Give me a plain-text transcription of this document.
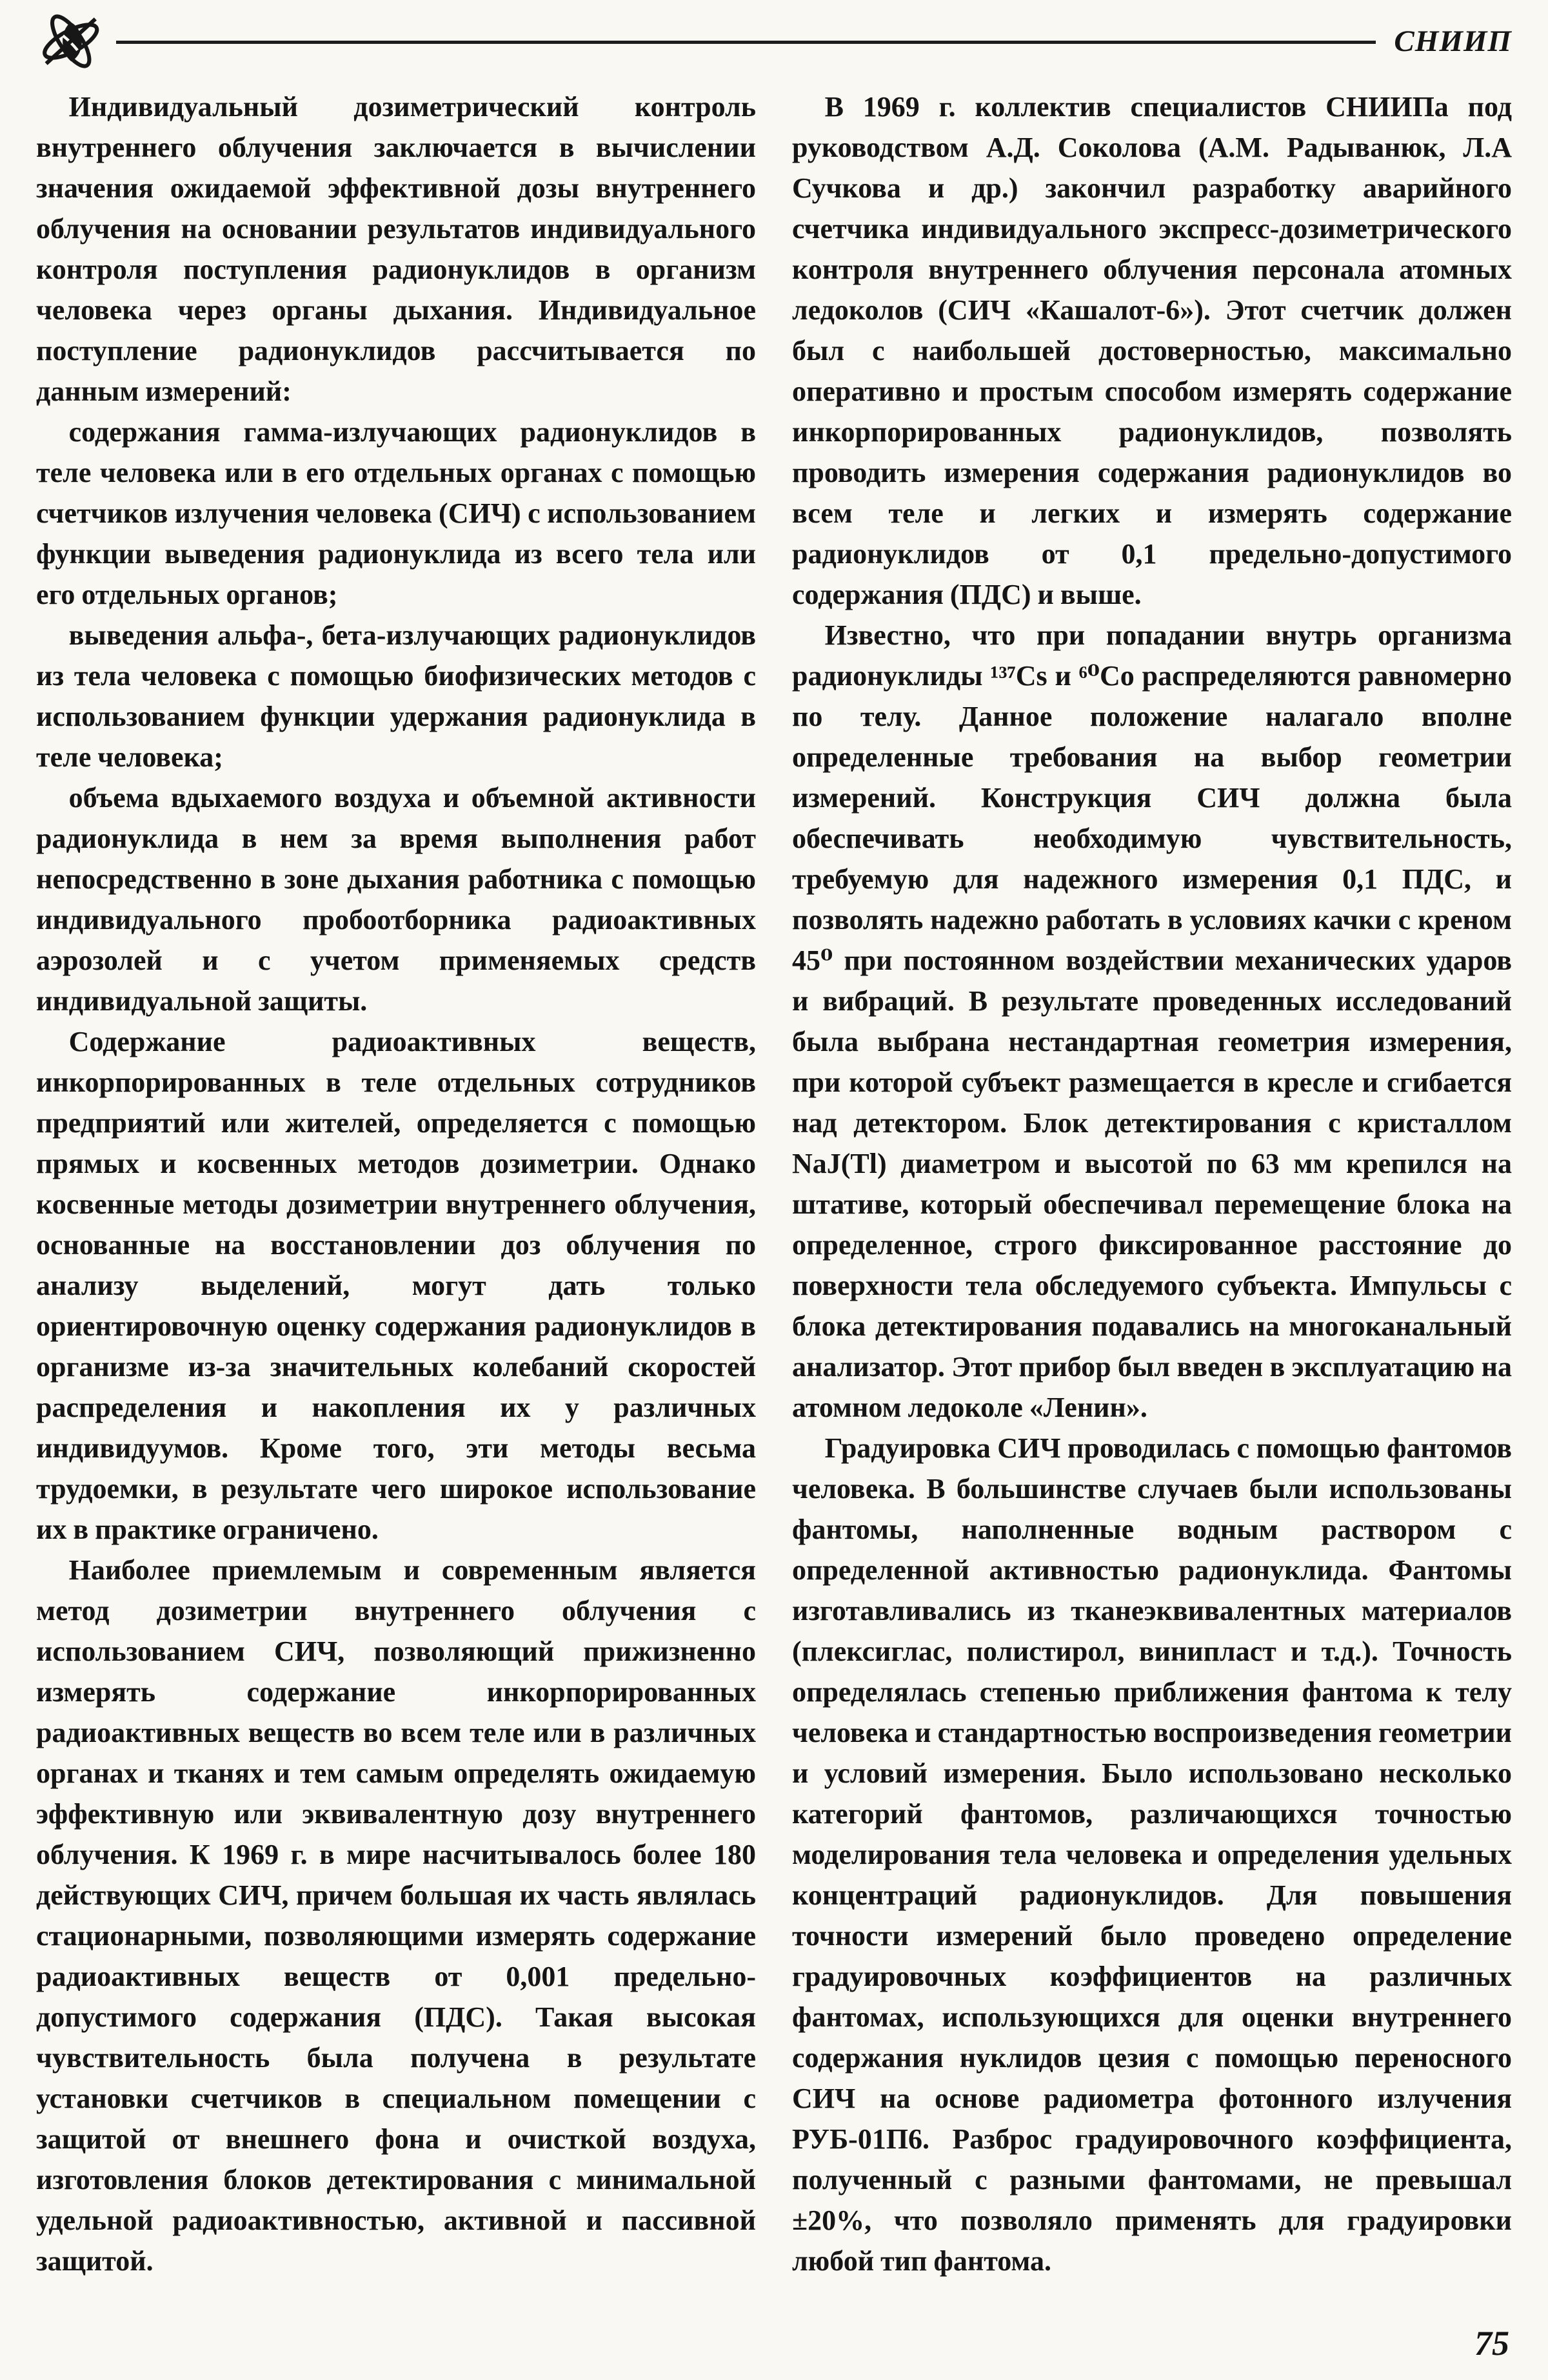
СНИИП

Индивидуальный дозиметрический контроль внутреннего облучения заключается в вычислении значения ожидаемой эффективной дозы внутреннего облучения на основании результатов индивидуального контроля поступления радионуклидов в организм человека через органы дыхания. Индивидуальное поступление радионуклидов рассчитывается по данным измерений:

содержания гамма-излучающих радионуклидов в теле человека или в его отдельных органах с помощью счетчиков излучения человека (СИЧ) с использованием функции выведения радионуклида из всего тела или его отдельных органов;

выведения альфа-, бета-излучающих радионуклидов из тела человека с помощью биофизических методов с использованием функции удержания радионуклида в теле человека;

объема вдыхаемого воздуха и объемной активности радионуклида в нем за время выполнения работ непосредственно в зоне дыхания работника с помощью индивидуального пробоотборника радиоактивных аэрозолей и с учетом применяемых средств индивидуальной защиты.

Содержание радиоактивных веществ, инкорпорированных в теле отдельных сотрудников предприятий или жителей, определяется с помощью прямых и косвенных методов дозиметрии. Однако косвенные методы дозиметрии внутреннего облучения, основанные на восстановлении доз облучения по анализу выделений, могут дать только ориентировочную оценку содержания радионуклидов в организме из-за значительных колебаний скоростей распределения и накопления их у различных индивидуумов. Кроме того, эти методы весьма трудоемки, в результате чего широкое использование их в практике ограничено.

Наиболее приемлемым и современным является метод дозиметрии внутреннего облучения с использованием СИЧ, позволяющий прижизненно измерять содержание инкорпорированных радиоактивных веществ во всем теле или в различных органах и тканях и тем самым определять ожидаемую эффективную или эквивалентную дозу внутреннего облучения. К 1969 г. в мире насчитывалось более 180 действующих СИЧ, причем большая их часть являлась стационарными, позволяющими измерять содержание радиоактивных веществ от 0,001 предельно-допустимого содержания (ПДС). Такая высокая чувствительность была получена в результате установки счетчиков в специальном помещении с защитой от внешнего фона и очисткой воздуха, изготовления блоков детектирования с минимальной удельной радиоактивностью, активной и пассивной защитой.

В 1969 г. коллектив специалистов СНИИПа под руководством А.Д. Соколова (А.М. Радыванюк, Л.А Сучкова и др.) закончил разработку аварийного счетчика индивидуального экспресс-дозиметрического контроля внутреннего облучения персонала атомных ледоколов (СИЧ «Кашалот-6»). Этот счетчик должен был с наибольшей достоверностью, максимально оперативно и простым способом измерять содержание инкорпорированных радионуклидов, позволять проводить измерения содержания радионуклидов во всем теле и легких и измерять содержание радионуклидов от 0,1 предельно-допустимого содержания (ПДС) и выше.

Известно, что при попадании внутрь организма радионуклиды ¹³⁷Cs и ⁶⁰Co распределяются равномерно по телу. Данное положение налагало вполне определенные требования на выбор геометрии измерений. Конструкция СИЧ должна была обеспечивать необходимую чувствительность, требуемую для надежного измерения 0,1 ПДС, и позволять надежно работать в условиях качки с креном 45⁰ при постоянном воздействии механических ударов и вибраций. В результате проведенных исследований была выбрана нестандартная геометрия измерения, при которой субъект размещается в кресле и сгибается над детектором. Блок детектирования с кристаллом NaJ(Tl) диаметром и высотой по 63 мм крепился на штативе, который обеспечивал перемещение блока на определенное, строго фиксированное расстояние до поверхности тела обследуемого субъекта. Импульсы с блока детектирования подавались на многоканальный анализатор. Этот прибор был введен в эксплуатацию на атомном ледоколе «Ленин».

Градуировка СИЧ проводилась с помощью фантомов человека. В большинстве случаев были использованы фантомы, наполненные водным раствором с определенной активностью радионуклида. Фантомы изготавливались из тканеэквивалентных материалов (плексиглас, полистирол, винипласт и т.д.). Точность определялась степенью приближения фантома к телу человека и стандартностью воспроизведения геометрии и условий измерения. Было использовано несколько категорий фантомов, различающихся точностью моделирования тела человека и определения удельных концентраций радионуклидов. Для повышения точности измерений было проведено определение градуировочных коэффициентов на различных фантомах, использующихся для оценки внутреннего содержания нуклидов цезия с помощью переносного СИЧ на основе радиометра фотонного излучения РУБ-01П6. Разброс градуировочного коэффициента, полученный с разными фантомами, не превышал ±20%, что позволяло применять для градуировки любой тип фантома.

75
